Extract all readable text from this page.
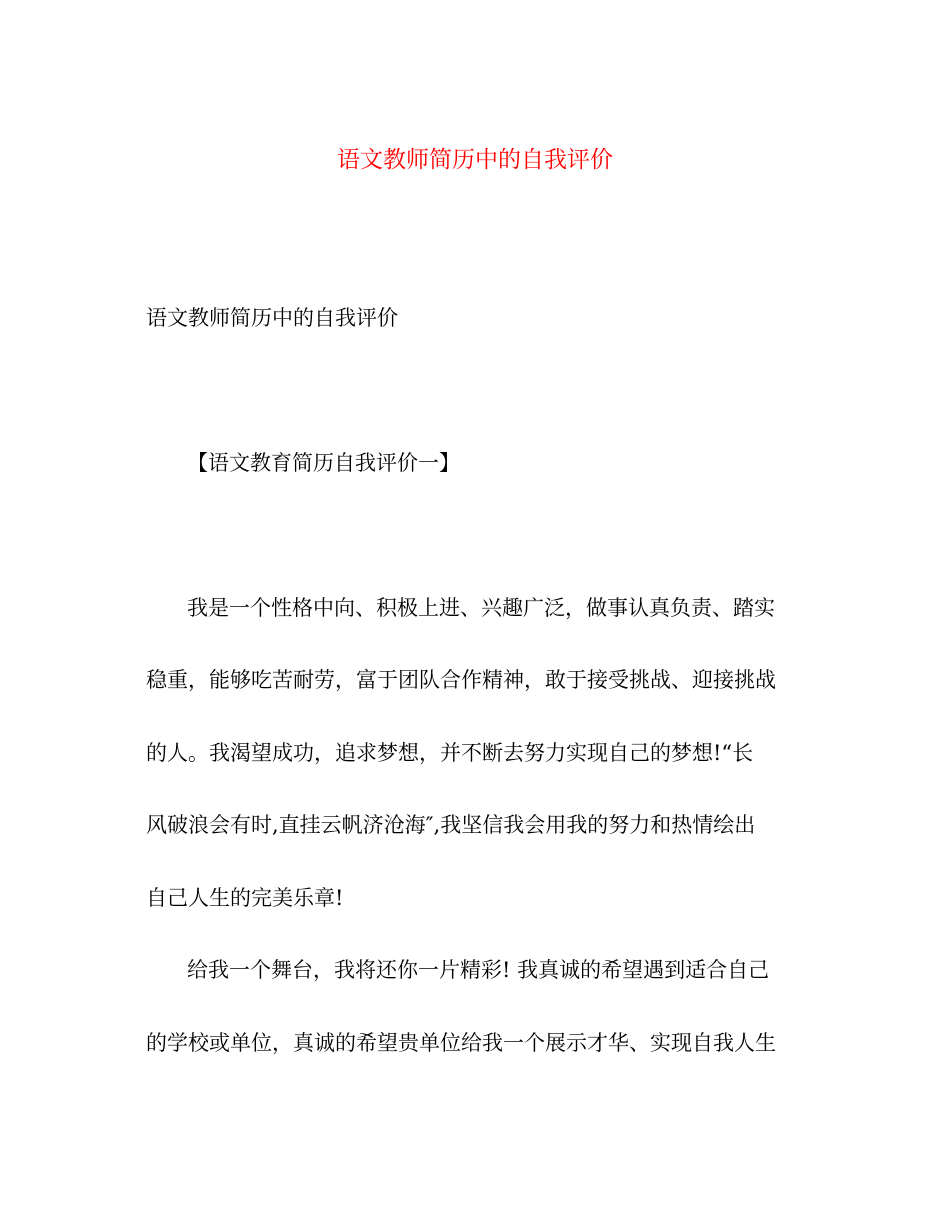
语文教师简历中的自我评价

语文教师简历中的自我评价

【语文教育简历自我评价一】

我是一个性格中向、积极上进、兴趣广泛，做事认真负责、踏实

稳重，能够吃苦耐劳，富于团队合作精神，敢于接受挑战、迎接挑战

的人。我渴望成功，追求梦想，并不断去努力实现自己的梦想!“长

风破浪会有时,直挂云帆济沧海″,我坚信我会用我的努力和热情绘出

自己人生的完美乐章!

给我一个舞台，我将还你一片精彩! 我真诚的希望遇到适合自己

的学校或单位，真诚的希望贵单位给我一个展示才华、实现自我人生
